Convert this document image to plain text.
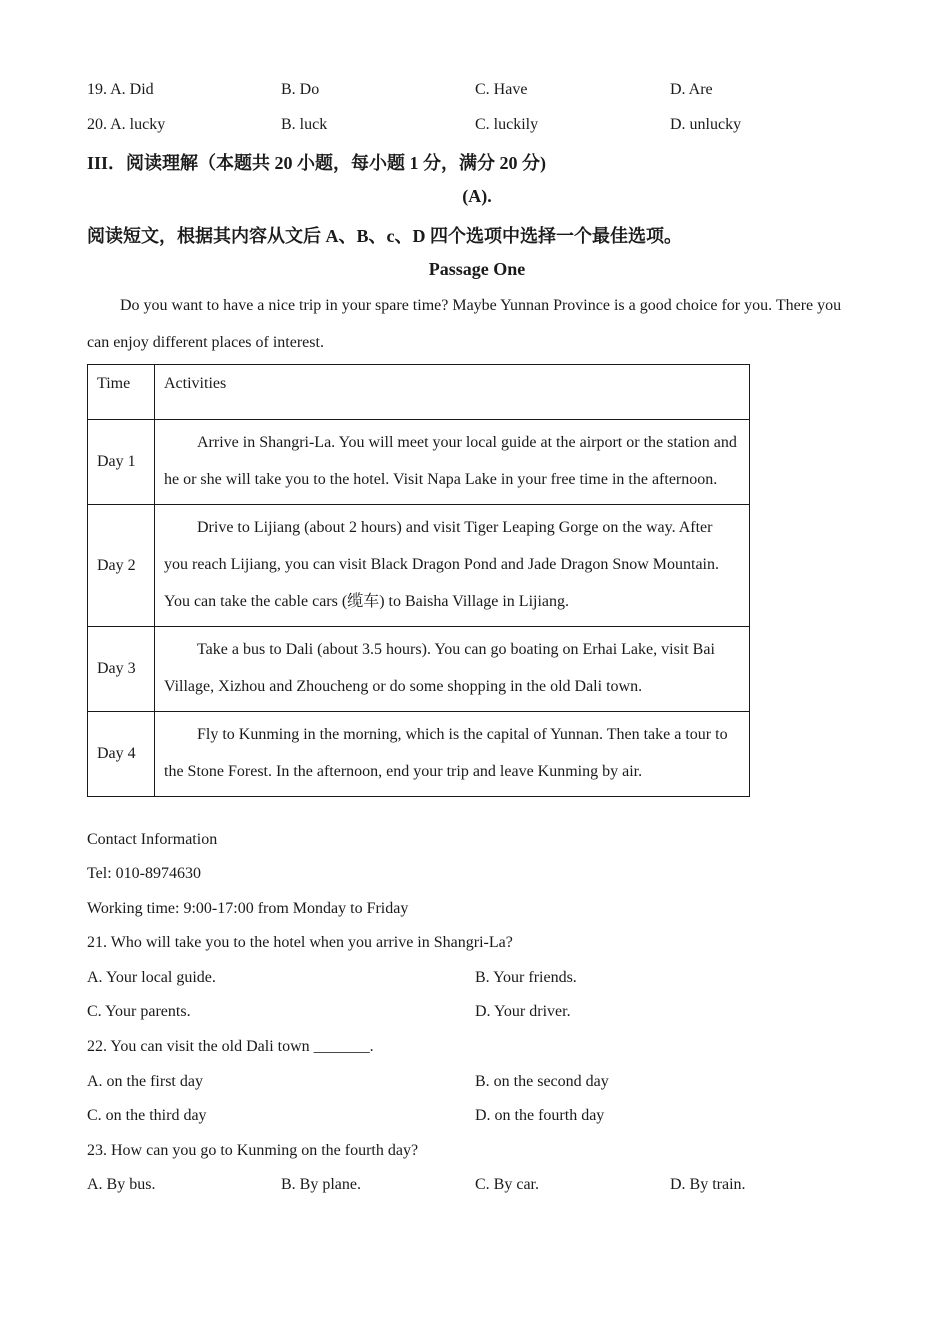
19. A. Did	B. Do	C. Have	D. Are
20. A. lucky	B. luck	C. luckily	D. unlucky
III．阅读理解（本题共 20 小题，每小题 1 分，满分 20 分)
(A).
阅读短文，根据其内容从文后 A、B、c、D 四个选项中选择一个最佳选项。
Passage One
Do you want to have a nice trip in your spare time? Maybe Yunnan Province is a good choice for you. There you can enjoy different places of interest.
Time	Activities
Day 1	Arrive in Shangri-La. You will meet your local guide at the airport or the station and he or she will take you to the hotel. Visit Napa Lake in your free time in the afternoon.

Day 2	Drive to Lijiang (about 2 hours) and visit Tiger Leaping Gorge on the way. After you reach Lijiang, you can visit Black Dragon Pond and Jade Dragon Snow Mountain. You can take the cable cars (缆车) to Baisha Village in Lijiang.

Day 3	Take a bus to Dali (about 3.5 hours). You can go boating on Erhai Lake, visit Bai Village, Xizhou and Zhoucheng or do some shopping in the old Dali town.

Day 4	Fly to Kunming in the morning, which is the capital of Yunnan. Then take a tour to the Stone Forest. In the afternoon, end your trip and leave Kunming by air.
Contact Information
Tel: 010-8974630
Working time: 9:00-17:00 from Monday to Friday
21. Who will take you to the hotel when you arrive in Shangri-La?
A. Your local guide.	B. Your friends.
C. Your parents.	D. Your driver.
22. You can visit the old Dali town _______.
A. on the first day	B. on the second day
C. on the third day	D. on the fourth day
23. How can you go to Kunming on the fourth day?
A. By bus.	B. By plane.	C. By car.	D. By train.
